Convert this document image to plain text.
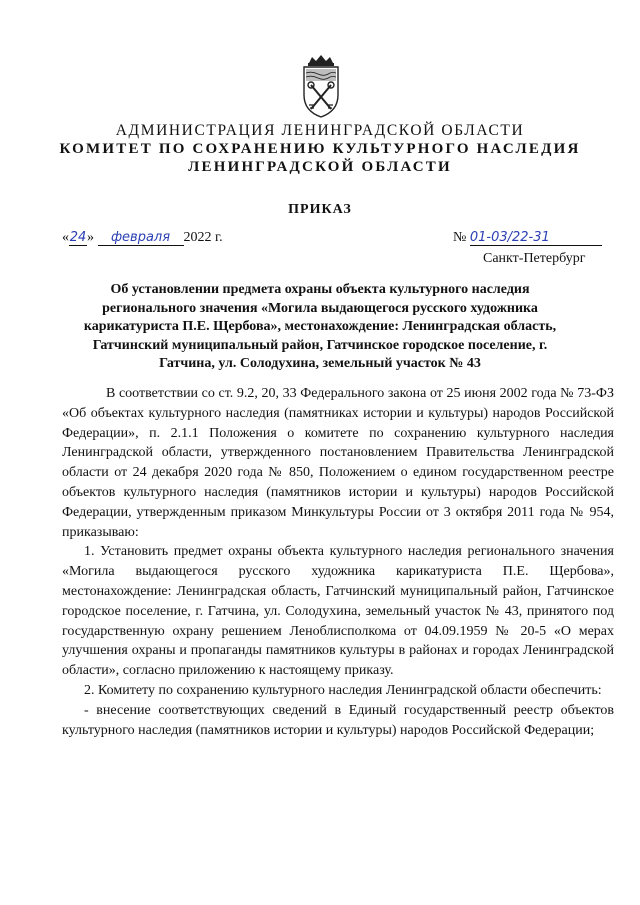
АДМИНИСТРАЦИЯ ЛЕНИНГРАДСКОЙ ОБЛАСТИ
КОМИТЕТ ПО СОХРАНЕНИЮ КУЛЬТУРНОГО НАСЛЕДИЯ
ЛЕНИНГРАДСКОЙ ОБЛАСТИ
ПРИКАЗ
«24» февраля 2022 г.	№ 01-03/22-31
Санкт-Петербург
Об установлении предмета охраны объекта культурного наследия регионального значения «Могила выдающегося русского художника карикатуриста П.Е. Щербова», местонахождение: Ленинградская область, Гатчинский муниципальный район, Гатчинское городское поселение, г. Гатчина, ул. Солодухина, земельный участок № 43

В соответствии со ст. 9.2, 20, 33 Федерального закона от 25 июня 2002 года № 73-ФЗ «Об объектах культурного наследия (памятниках истории и культуры) народов Российской Федерации», п. 2.1.1 Положения о комитете по сохранению культурного наследия Ленинградской области, утвержденного постановлением Правительства Ленинградской области от 24 декабря 2020 года № 850, Положением о едином государственном реестре объектов культурного наследия (памятников истории и культуры) народов Российской Федерации, утвержденным приказом Минкультуры России от 3 октября 2011 года № 954, приказываю:

1. Установить предмет охраны объекта культурного наследия регионального значения «Могила выдающегося русского художника карикатуриста П.Е. Щербова», местонахождение: Ленинградская область, Гатчинский муниципальный район, Гатчинское городское поселение, г. Гатчина, ул. Солодухина, земельный участок № 43, принятого под государственную охрану решением Леноблисполкома от 04.09.1959 № 20-5 «О мерах улучшения охраны и пропаганды памятников культуры в районах и городах Ленинградской области», согласно приложению к настоящему приказу.

2. Комитету по сохранению культурного наследия Ленинградской области обеспечить:

- внесение соответствующих сведений в Единый государственный реестр объектов культурного наследия (памятников истории и культуры) народов Российской Федерации;
